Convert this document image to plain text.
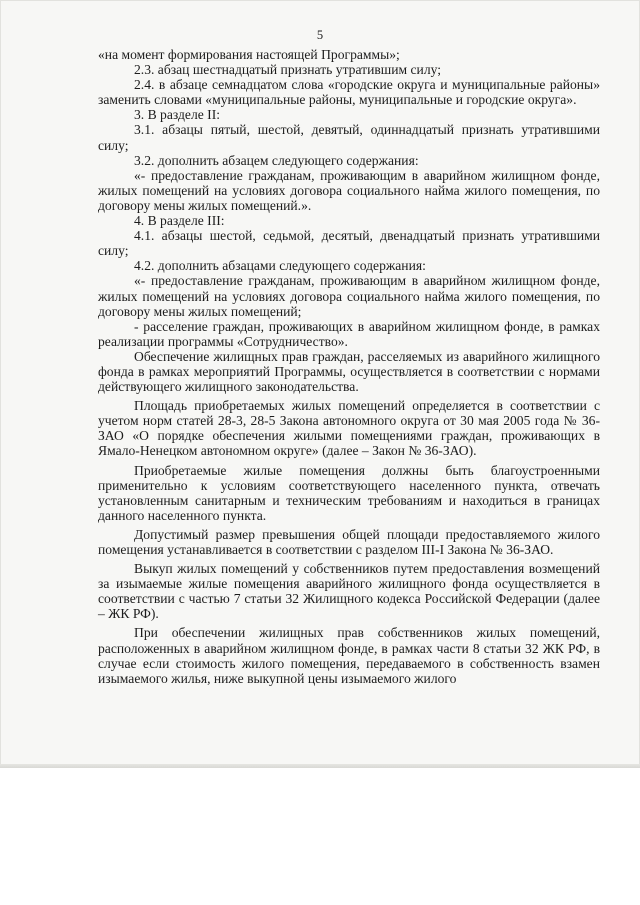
5

«на момент формирования настоящей Программы»;

2.3. абзац шестнадцатый признать утратившим силу;

2.4. в абзаце семнадцатом слова «городские округа и муниципальные районы» заменить словами «муниципальные районы, муниципальные и городские округа».

3. В разделе II:

3.1. абзацы пятый, шестой, девятый, одиннадцатый признать утратившими силу;

3.2. дополнить абзацем следующего содержания:

«- предоставление гражданам, проживающим в аварийном жилищном фонде, жилых помещений на условиях договора социального найма жилого помещения, по договору мены жилых помещений.».

4. В разделе III:

4.1. абзацы шестой, седьмой, десятый, двенадцатый признать утратившими силу;

4.2. дополнить абзацами следующего содержания:

«- предоставление гражданам, проживающим в аварийном жилищном фонде, жилых помещений на условиях договора социального найма жилого помещения, по договору мены жилых помещений;

- расселение граждан, проживающих в аварийном жилищном фонде, в рамках реализации программы «Сотрудничество».

Обеспечение жилищных прав граждан, расселяемых из аварийного жилищного фонда в рамках мероприятий Программы, осуществляется в соответствии с нормами действующего жилищного законодательства.

Площадь приобретаемых жилых помещений определяется в соответствии с учетом норм статей 28-3, 28-5 Закона автономного округа от 30 мая 2005 года № 36-ЗАО «О порядке обеспечения жилыми помещениями граждан, проживающих в Ямало-Ненецком автономном округе» (далее – Закон № 36-ЗАО).

Приобретаемые жилые помещения должны быть благоустроенными применительно к условиям соответствующего населенного пункта, отвечать установленным санитарным и техническим требованиям и находиться в границах данного населенного пункта.

Допустимый размер превышения общей площади предоставляемого жилого помещения устанавливается в соответствии с разделом III-I Закона № 36-ЗАО.

Выкуп жилых помещений у собственников путем предоставления возмещений за изымаемые жилые помещения аварийного жилищного фонда осуществляется в соответствии с частью 7 статьи 32 Жилищного кодекса Российской Федерации (далее – ЖК РФ).

При обеспечении жилищных прав собственников жилых помещений, расположенных в аварийном жилищном фонде, в рамках части 8 статьи 32 ЖК РФ, в случае если стоимость жилого помещения, передаваемого в собственность взамен изымаемого жилья, ниже выкупной цены изымаемого жилого
